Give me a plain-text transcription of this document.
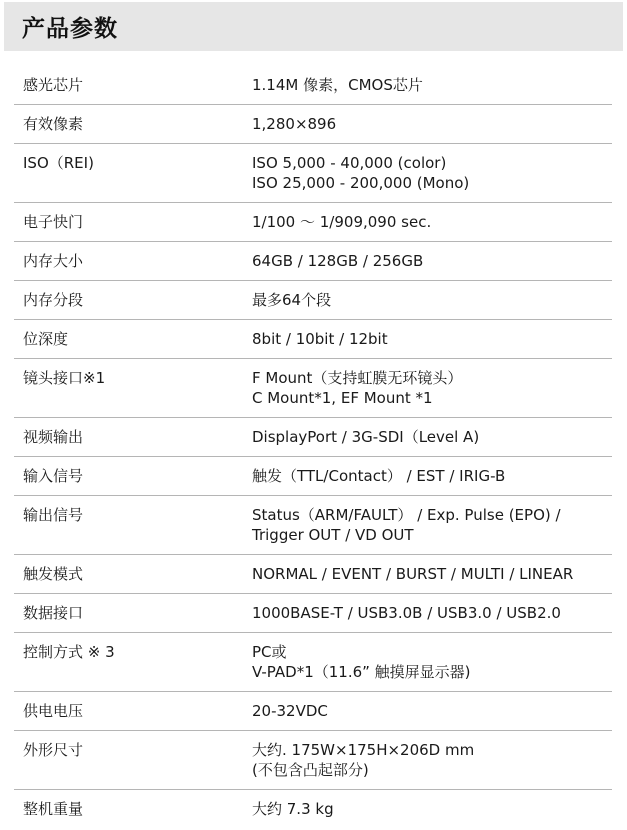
产品参数
感光芯片	1.14M 像素，CMOS芯片
有效像素	1,280×896
ISO（REI)	ISO 5,000 - 40,000 (color)
ISO 25,000 - 200,000 (Mono)
电子快门	1/100 ～ 1/909,090 sec.
内存大小	64GB / 128GB / 256GB
内存分段	最多64个段
位深度	8bit / 10bit / 12bit
镜头接口※1	F Mount（支持虹膜无环镜头）
C Mount*1, EF Mount *1
视频输出	DisplayPort / 3G-SDI（Level A)
输入信号	触发（TTL/Contact） / EST / IRIG-B
输出信号	Status（ARM/FAULT） / Exp. Pulse (EPO) /
Trigger OUT / VD OUT
触发模式	NORMAL / EVENT / BURST / MULTI / LINEAR
数据接口	1000BASE-T / USB3.0B / USB3.0 / USB2.0
控制方式 ※ 3	PC或
V-PAD*1（11.6” 触摸屏显示器)
供电电压	20-32VDC
外形尺寸	大约. 175W×175H×206D mm
(不包含凸起部分)
整机重量	大约 7.3 kg
